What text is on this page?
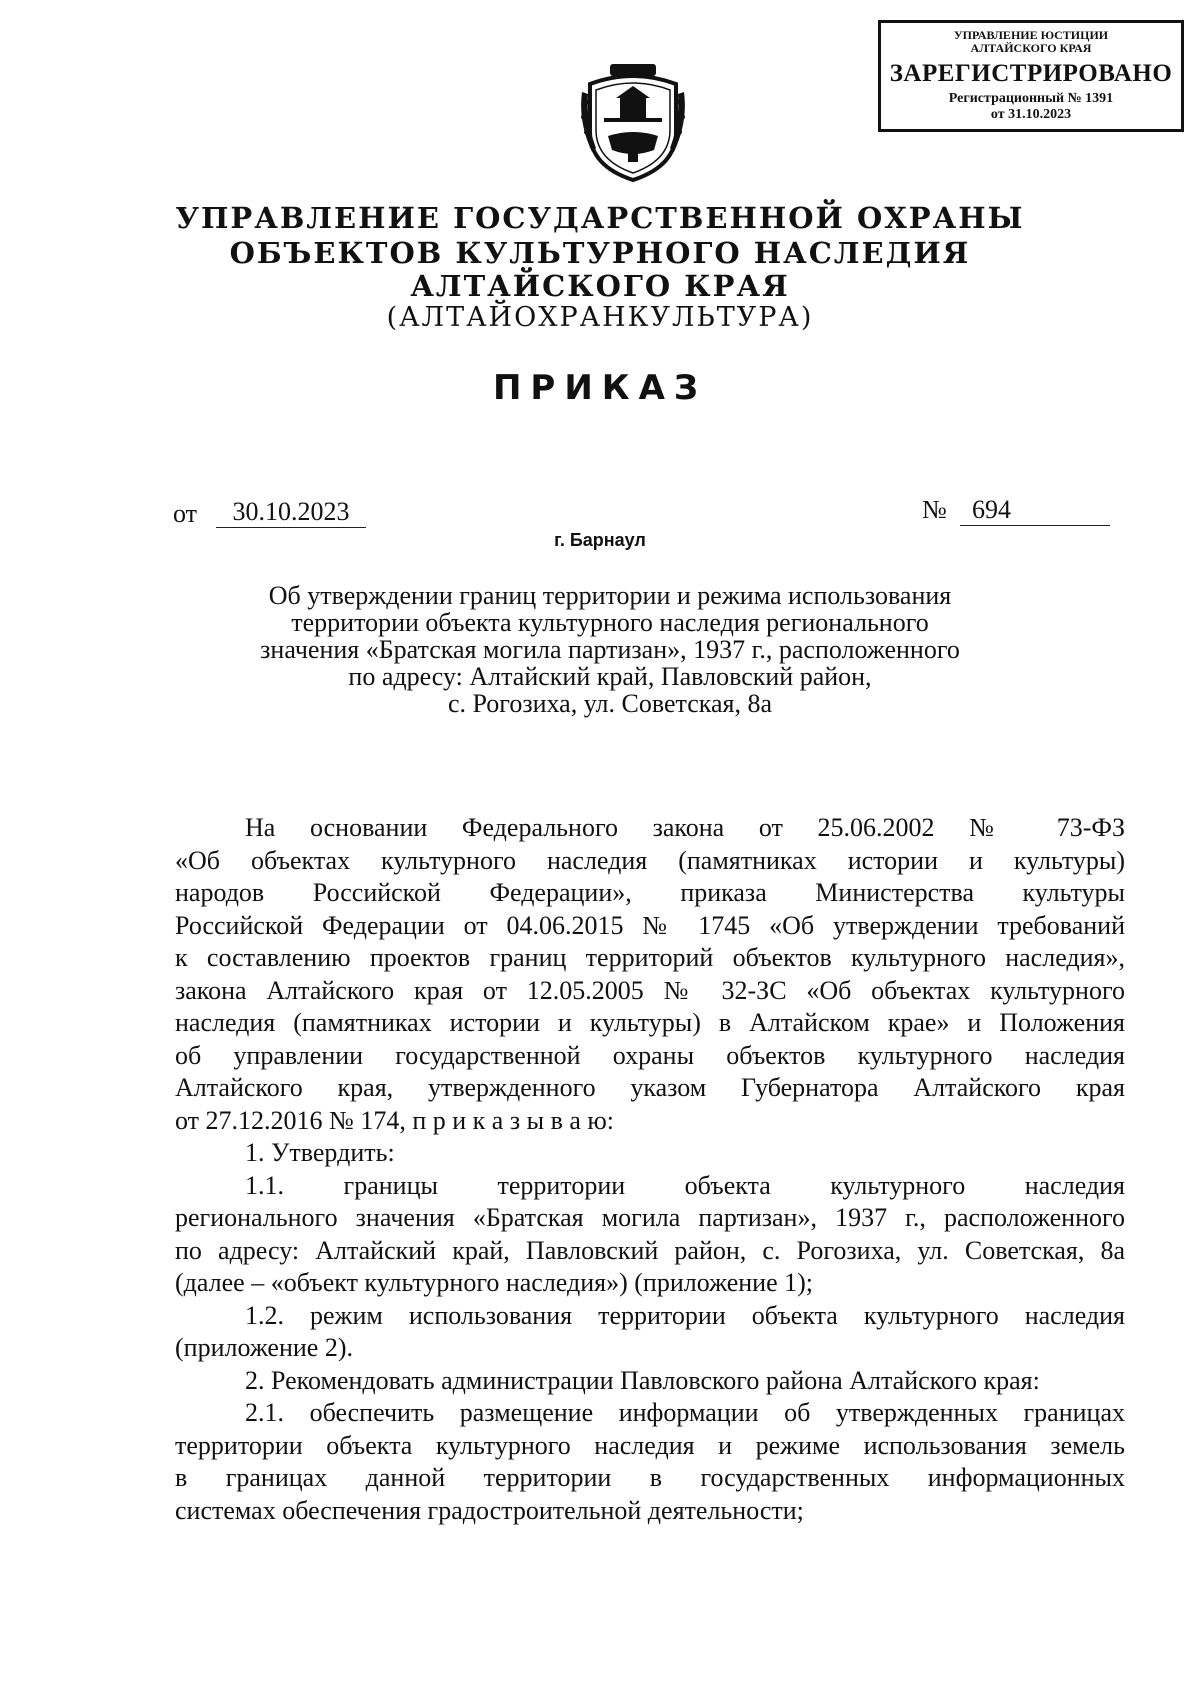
УПРАВЛЕНИЕ ЮСТИЦИИ
АЛТАЙСКОГО КРАЯ
ЗАРЕГИСТРИРОВАНО
Регистрационный № 1391
от 31.10.2023
УПРАВЛЕНИЕ ГОСУДАРСТВЕННОЙ ОХРАНЫ
ОБЪЕКТОВ КУЛЬТУРНОГО НАСЛЕДИЯ
АЛТАЙСКОГО КРАЯ
(АЛТАЙОХРАНКУЛЬТУРА)
ПРИКАЗ
от	30.10.2023	№ 694
г. Барнаул
Об утверждении границ территории и режима использования
территории объекта культурного наследия регионального
значения «Братская могила партизан», 1937 г., расположенного
по адресу: Алтайский край, Павловский район,
с. Рогозиха, ул. Советская, 8а
На основании Федерального закона от 25.06.2002 № 73-ФЗ
«Об объектах культурного наследия (памятниках истории и культуры)
народов Российской Федерации», приказа Министерства культуры
Российской Федерации от 04.06.2015 № 1745 «Об утверждении требований
к составлению проектов границ территорий объектов культурного наследия»,
закона Алтайского края от 12.05.2005 № 32-ЗС «Об объектах культурного
наследия (памятниках истории и культуры) в Алтайском крае» и Положения
об управлении государственной охраны объектов культурного наследия
Алтайского края, утвержденного указом Губернатора Алтайского края
от 27.12.2016 № 174, п р и к а з ы в а ю:
1. Утвердить:
1.1. границы территории объекта культурного наследия
регионального значения «Братская могила партизан», 1937 г., расположенного
по адресу: Алтайский край, Павловский район, с. Рогозиха, ул. Советская, 8а
(далее – «объект культурного наследия») (приложение 1);
1.2. режим использования территории объекта культурного наследия
(приложение 2).
2. Рекомендовать администрации Павловского района Алтайского края:
2.1. обеспечить размещение информации об утвержденных границах
территории объекта культурного наследия и режиме использования земель
в границах данной территории в государственных информационных
системах обеспечения градостроительной деятельности;
